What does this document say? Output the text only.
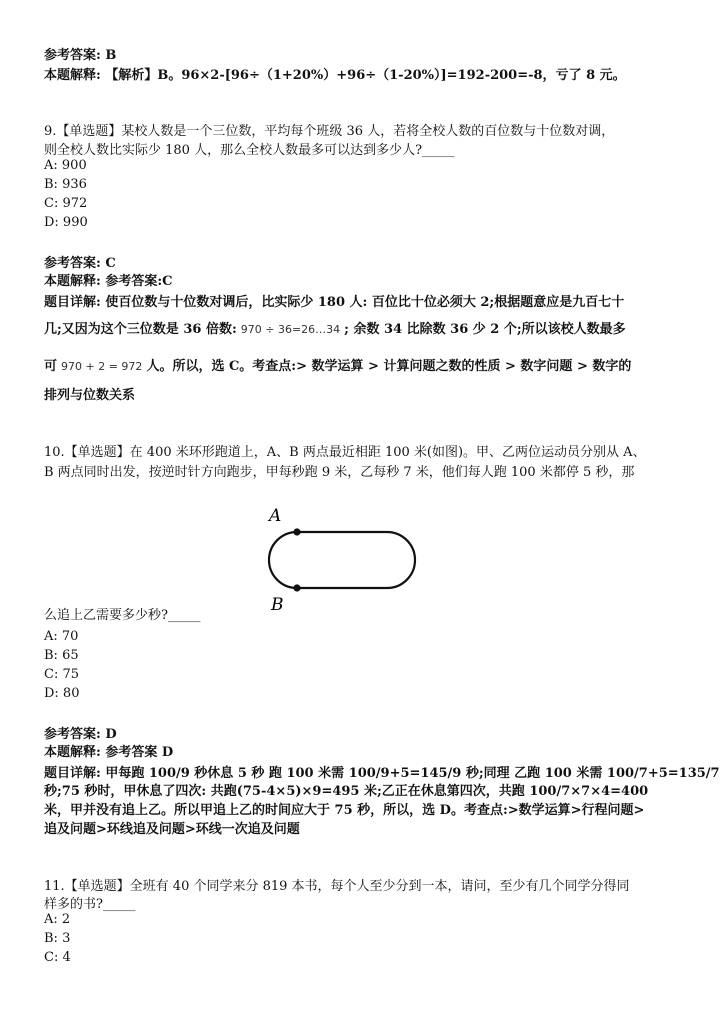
参考答案: B
本题解释: 【解析】B。96×2-[96÷（1+20%）+96÷（1-20%）]=192-200=-8，亏了 8 元。
9.【单选题】某校人数是一个三位数，平均每个班级 36 人，若将全校人数的百位数与十位数对调，
则全校人数比实际少 180 人，那么全校人数最多可以达到多少人?_____
A: 900
B: 936
C: 972
D: 990
参考答案: C
本题解释: 参考答案:C
题目详解: 使百位数与十位数对调后，比实际少 180 人: 百位比十位必须大 2;根据题意应是九百七十
几;又因为这个三位数是 36 倍数: 970 ÷ 36=26…34 ; 余数 34 比除数 36 少 2 个;所以该校人数最多
可 970 + 2 = 972 人。所以，选 C。考查点:> 数学运算 > 计算问题之数的性质 > 数字问题 > 数字的
排列与位数关系
10.【单选题】在 400 米环形跑道上，A、B 两点最近相距 100 米(如图)。甲、乙两位运动员分别从 A、
B 两点同时出发，按逆时针方向跑步，甲每秒跑 9 米，乙每秒 7 米，他们每人跑 100 米都停 5 秒，那
A
B
么追上乙需要多少秒?_____
A: 70
B: 65
C: 75
D: 80
参考答案: D
本题解释: 参考答案 D
题目详解: 甲每跑 100/9 秒休息 5 秒 跑 100 米需 100/9+5=145/9 秒;同理 乙跑 100 米需 100/7+5=135/7
秒;75 秒时，甲休息了四次: 共跑(75-4×5)×9=495 米;乙正在休息第四次，共跑 100/7×7×4=400
米，甲并没有追上乙。所以甲追上乙的时间应大于 75 秒，所以，选 D。考查点:>数学运算>行程问题>
追及问题>环线追及问题>环线一次追及问题
11.【单选题】全班有 40 个同学来分 819 本书，每个人至少分到一本，请问，至少有几个同学分得同
样多的书?_____
A: 2
B: 3
C: 4
